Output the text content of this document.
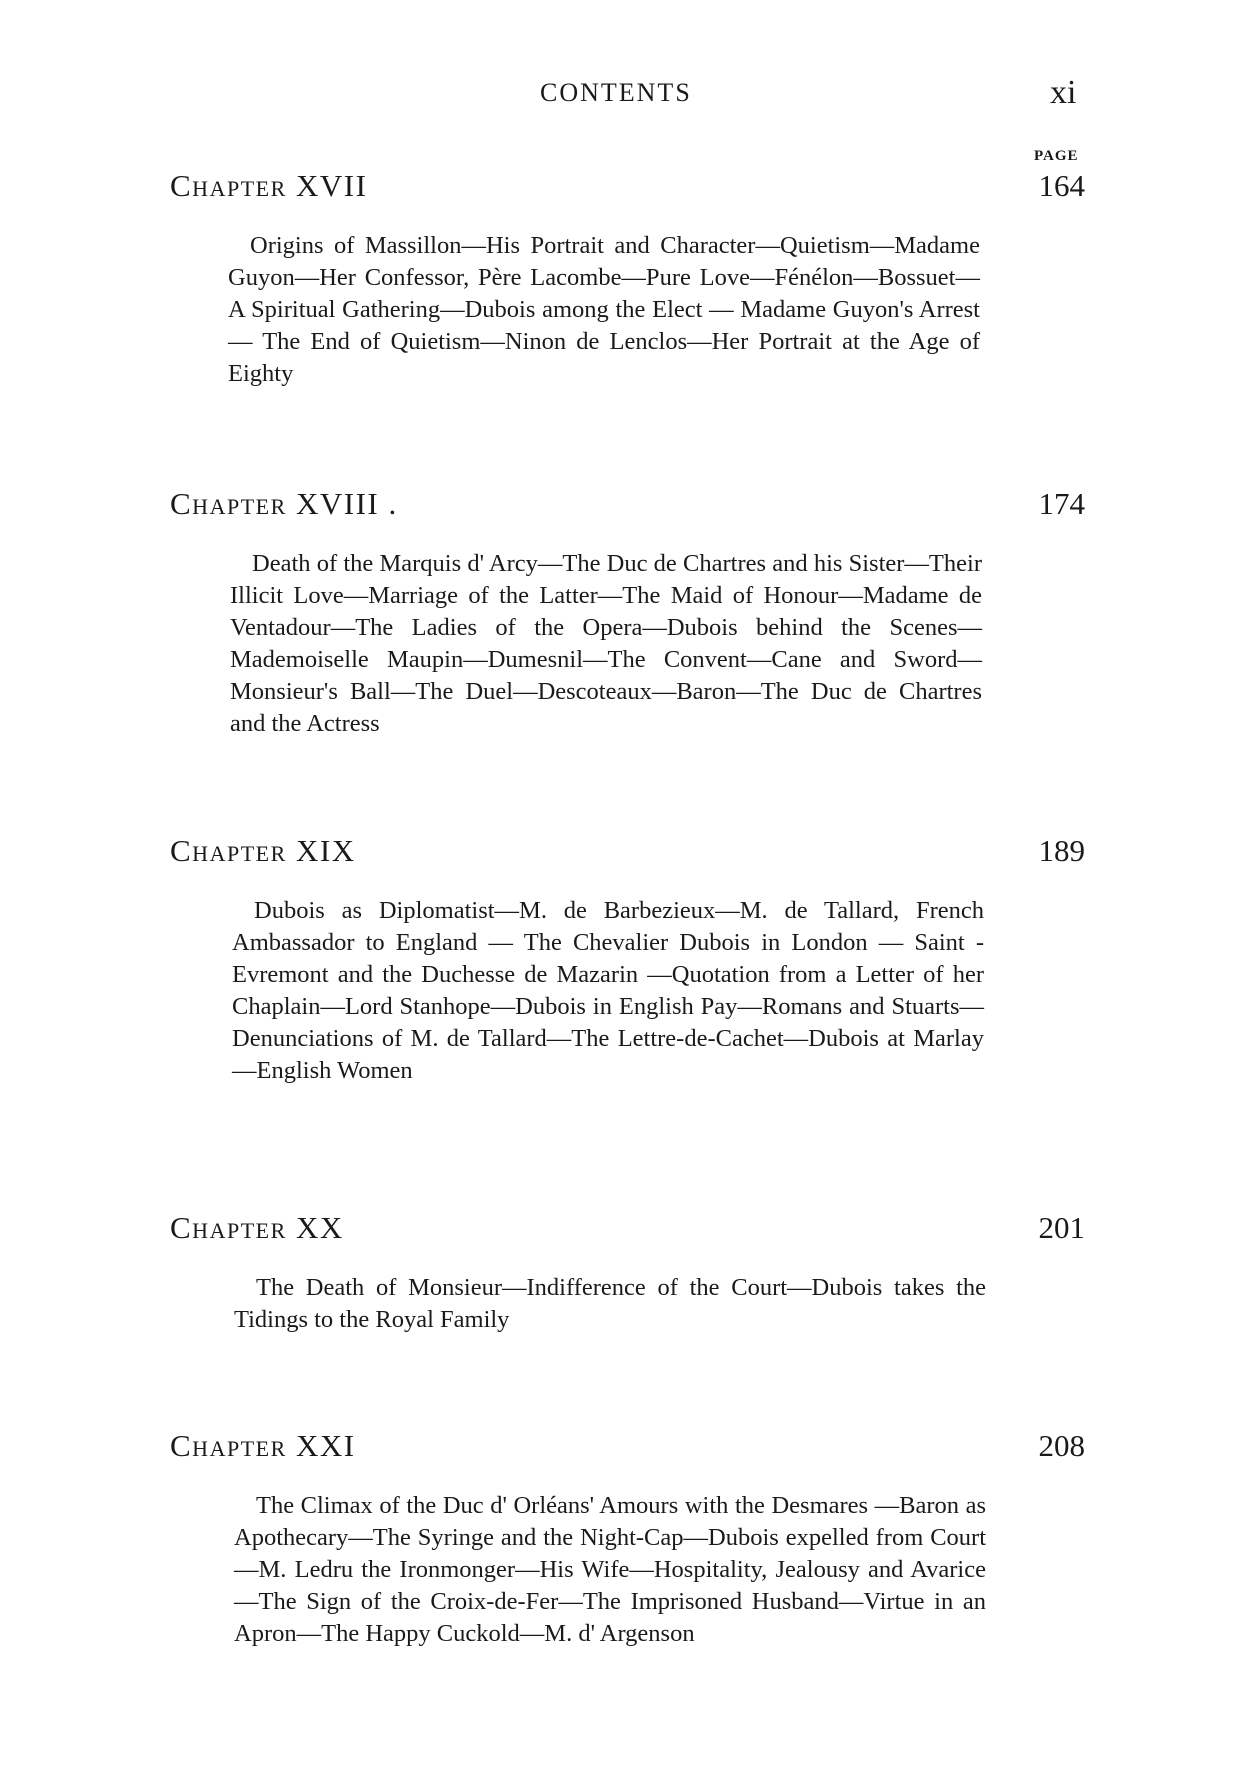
CONTENTS	xi
PAGE
Chapter XVII	164
Origins of Massillon—His Portrait and Character—Quietism—Madame Guyon—Her Confessor, Père Lacombe—Pure Love—Fénélon—Bossuet—A Spiritual Gathering—Dubois among the Elect — Madame Guyon's Arrest — The End of Quietism—Ninon de Lenclos—Her Portrait at the Age of Eighty
Chapter XVIII .	174
Death of the Marquis d' Arcy—The Duc de Chartres and his Sister—Their Illicit Love—Marriage of the Latter—The Maid of Honour—Madame de Ventadour—The Ladies of the Opera—Dubois behind the Scenes—Mademoiselle Maupin—Dumesnil—The Convent—Cane and Sword—Monsieur's Ball—The Duel—Descoteaux—Baron—The Duc de Chartres and the Actress
Chapter XIX	189
Dubois as Diplomatist—M. de Barbezieux—M. de Tallard, French Ambassador to England — The Chevalier Dubois in London — Saint - Evremont and the Duchesse de Mazarin —Quotation from a Letter of her Chaplain—Lord Stanhope—Dubois in English Pay—Romans and Stuarts—Denunciations of M. de Tallard—The Lettre-de-Cachet—Dubois at Marlay—English Women
Chapter XX	201
The Death of Monsieur—Indifference of the Court—Dubois takes the Tidings to the Royal Family
Chapter XXI	208
The Climax of the Duc d' Orléans' Amours with the Desmares —Baron as Apothecary—The Syringe and the Night-Cap—Dubois expelled from Court—M. Ledru the Ironmonger—His Wife—Hospitality, Jealousy and Avarice—The Sign of the Croix-de-Fer—The Imprisoned Husband—Virtue in an Apron—The Happy Cuckold—M. d' Argenson
